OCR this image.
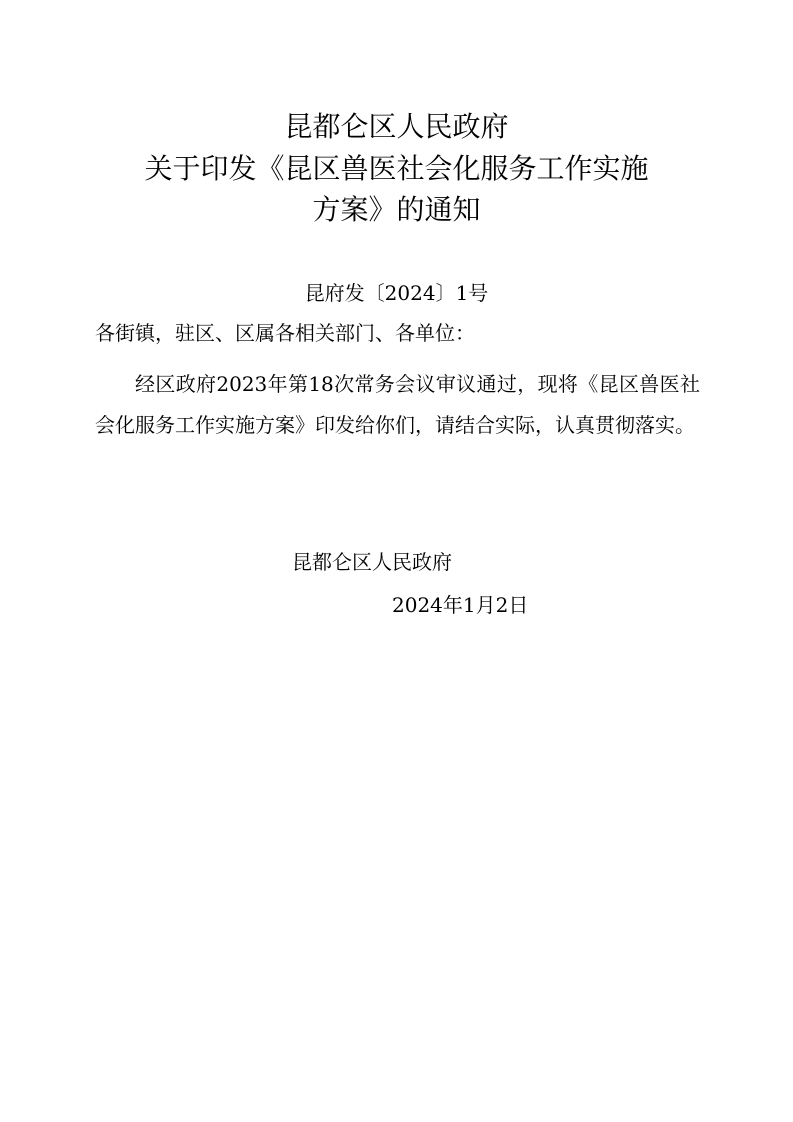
昆都仑区人民政府
关于印发《昆区兽医社会化服务工作实施
方案》的通知
昆府发〔2024〕1号
各街镇，驻区、区属各相关部门、各单位：
经区政府2023年第18次常务会议审议通过，现将《昆区兽医社会化服务工作实施方案》印发给你们，请结合实际，认真贯彻落实。
昆都仑区人民政府
2024年1月2日
